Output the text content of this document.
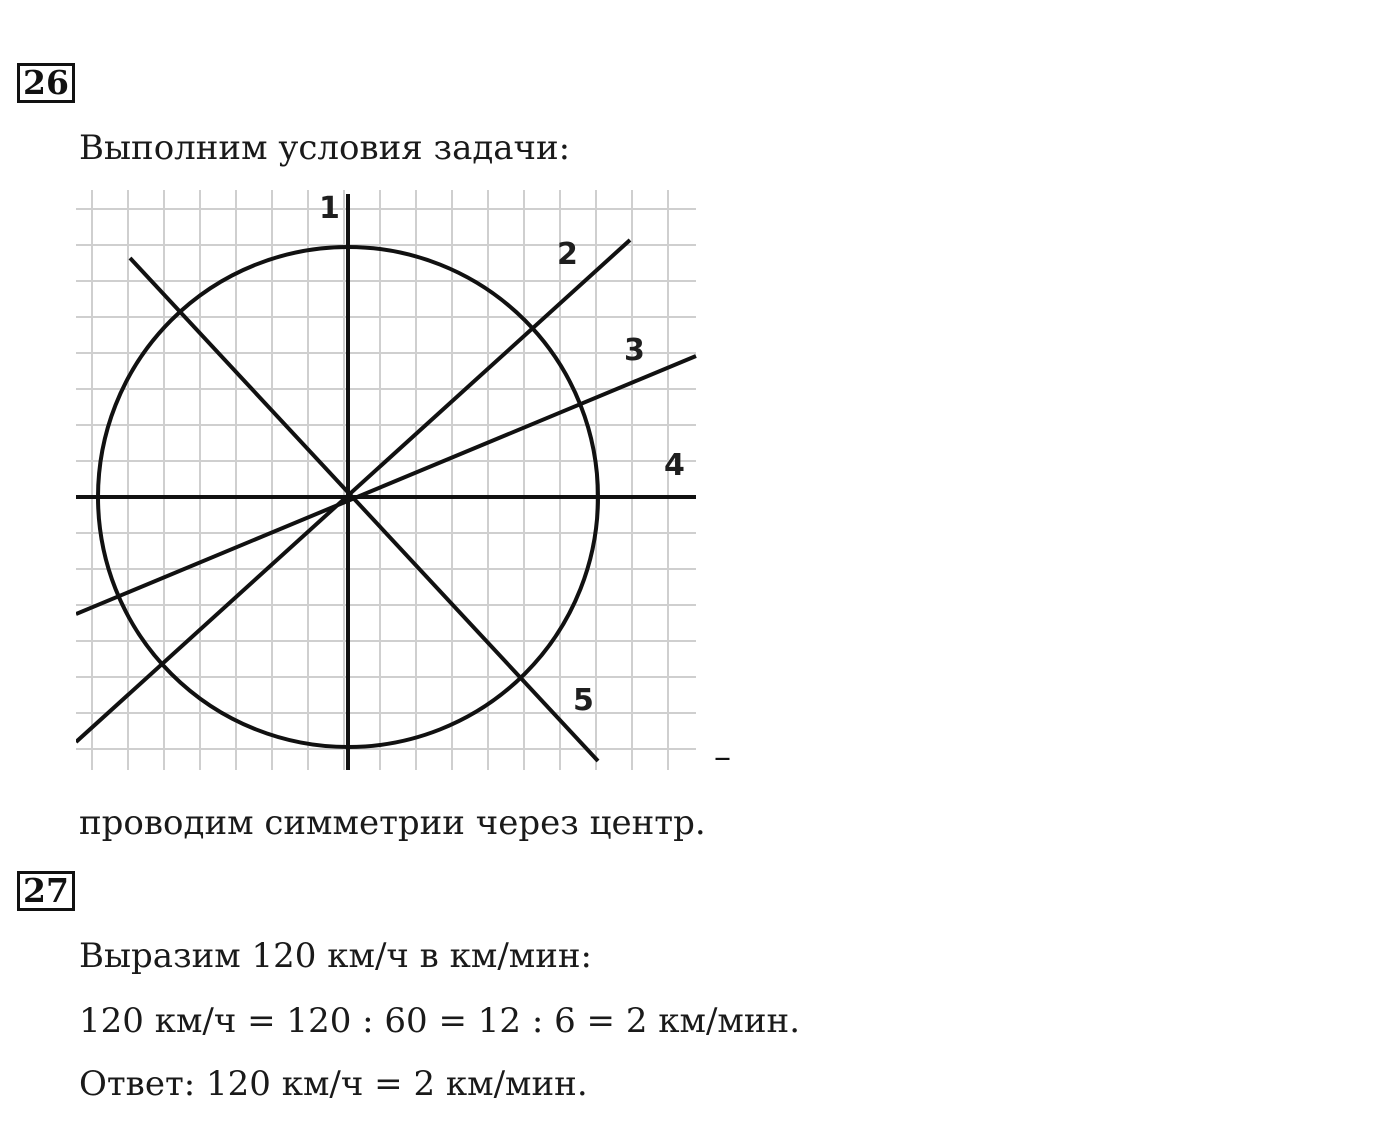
26
Выполним условия задачи:
1
2
3
4
5
–
проводим симметрии через центр.
27
Выразим 120 км/ч в км/мин:
120 км/ч = 120 : 60 = 12 : 6 = 2 км/мин.
Ответ: 120 км/ч = 2 км/мин.
